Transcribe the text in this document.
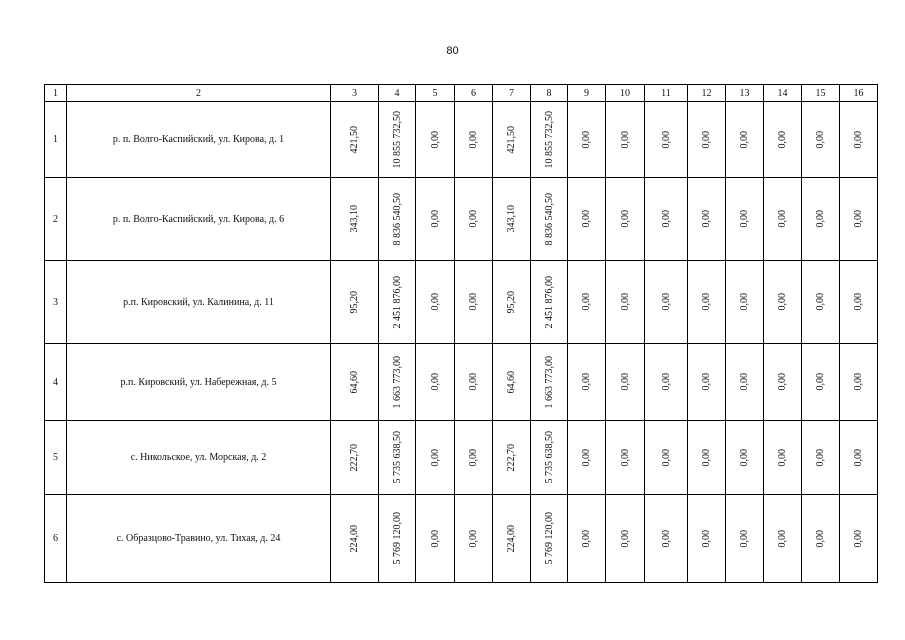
80
1	2	3	4	5	6	7	8	9	10	11	12	13	14	15	16
1	р. п. Волго-Каспийский, ул. Кирова, д. 1	421,50	10 855 732,50	0,00	0,00	421,50	10 855 732,50	0,00	0,00	0,00	0,00	0,00	0,00	0,00	0,00

2	р. п. Волго-Каспийский, ул. Кирова, д. 6	343,10	8 836 540,50	0,00	0,00	343,10	8 836 540,50	0,00	0,00	0,00	0,00	0,00	0,00	0,00	0,00

3	р.п. Кировский, ул. Калинина, д. 11	95,20	2 451 876,00	0,00	0,00	95,20	2 451 876,00	0,00	0,00	0,00	0,00	0,00	0,00	0,00	0,00

4	р.п. Кировский, ул. Набережная, д. 5	64,60	1 663 773,00	0,00	0,00	64,60	1 663 773,00	0,00	0,00	0,00	0,00	0,00	0,00	0,00	0,00

5	с. Никольское, ул. Морская, д. 2	222,70	5 735 638,50	0,00	0,00	222,70	5 735 638,50	0,00	0,00	0,00	0,00	0,00	0,00	0,00	0,00

6	с. Образцово-Травино, ул. Тихая, д. 24	224,00	5 769 120,00	0,00	0,00	224,00	5 769 120,00	0,00	0,00	0,00	0,00	0,00	0,00	0,00	0,00
